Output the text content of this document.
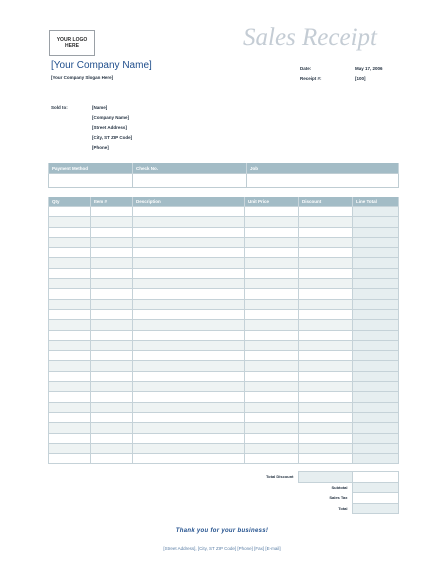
YOUR LOGO
HERE	Sales Receipt
[Your Company Name]
[Your Company Slogan Here]
Date:	May 17, 2006
Receipt #:	[100]
Sold to:	[Name]
[Company Name]
[Street Address]
[City, ST ZIP Code]
[Phone]
Payment Method	Check No.	Job

Qty	Item #	Description	Unit Price	Discount	Line Total

Total Discount		
Subtotal		
Sales Tax		
Total		
Thank you for your business!
[Street Address], [City, ST ZIP Code] [Phone] [Fax] [E-mail]
